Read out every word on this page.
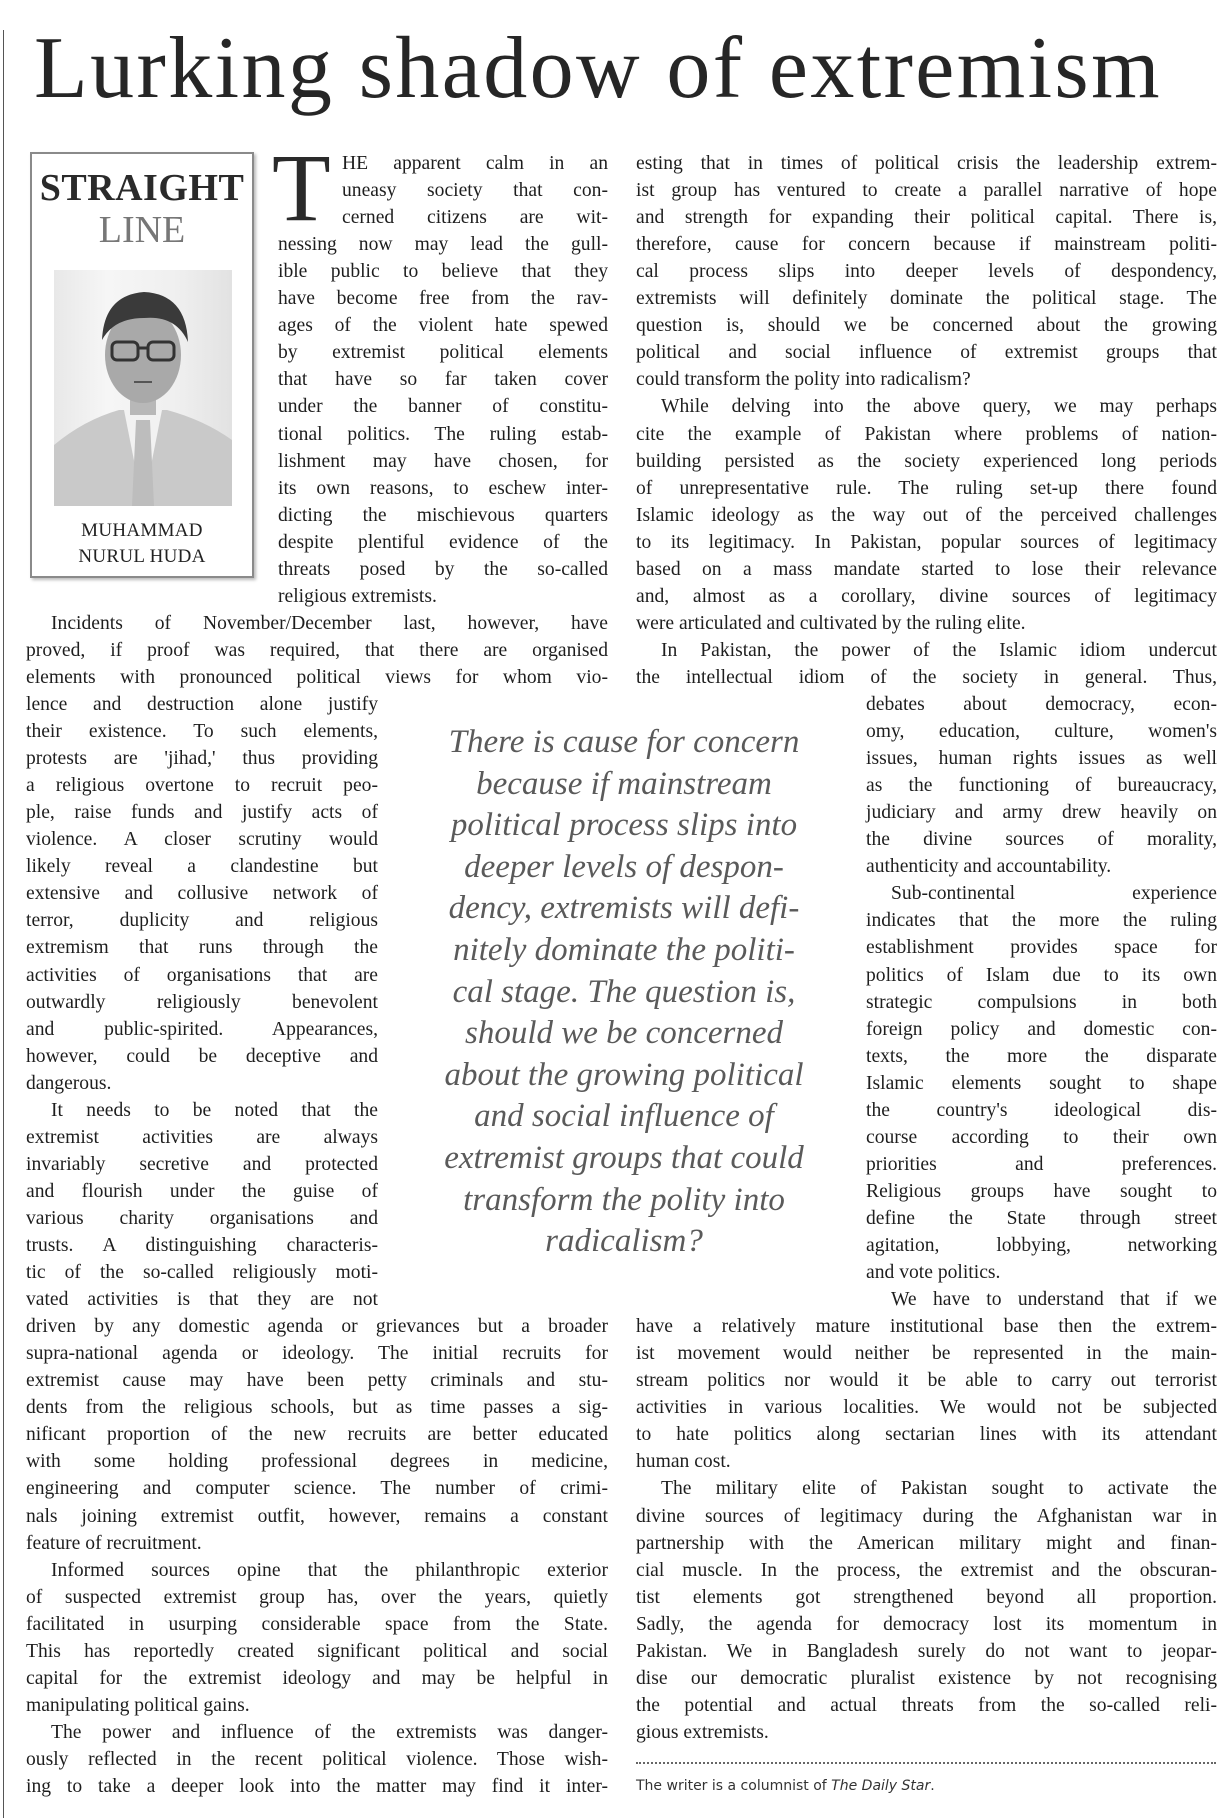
Lurking shadow of extremism
STRAIGHT
LINE
MUHAMMAD
NURUL HUDA
T HE apparent calm in an
uneasy society that con-
cerned citizens are wit-
nessing now may lead the gull-
ible public to believe that they
have become free from the rav-
ages of the violent hate spewed
by extremist political elements
that have so far taken cover
under the banner of constitu-
tional politics. The ruling estab-
lishment may have chosen, for
its own reasons, to eschew inter-
dicting the mischievous quarters
despite plentiful evidence of the
threats posed by the so-called
religious extremists.
Incidents of November/December last, however, have
proved, if proof was required, that there are organised
elements with pronounced political views for whom vio-
lence and destruction alone justify
their existence. To such elements,
protests are 'jihad,' thus providing
a religious overtone to recruit peo-
ple, raise funds and justify acts of
violence. A closer scrutiny would
likely reveal a clandestine but
extensive and collusive network of
terror, duplicity and religious
extremism that runs through the
activities of organisations that are
outwardly religiously benevolent
and public-spirited. Appearances,
however, could be deceptive and
dangerous.
It needs to be noted that the
extremist activities are always
invariably secretive and protected
and flourish under the guise of
various charity organisations and
trusts. A distinguishing characteris-
tic of the so-called religiously moti-
vated activities is that they are not
driven by any domestic agenda or grievances but a broader
supra-national agenda or ideology. The initial recruits for
extremist cause may have been petty criminals and stu-
dents from the religious schools, but as time passes a sig-
nificant proportion of the new recruits are better educated
with some holding professional degrees in medicine,
engineering and computer science. The number of crimi-
nals joining extremist outfit, however, remains a constant
feature of recruitment.
Informed sources opine that the philanthropic exterior
of suspected extremist group has, over the years, quietly
facilitated in usurping considerable space from the State.
This has reportedly created significant political and social
capital for the extremist ideology and may be helpful in
manipulating political gains.
The power and influence of the extremists was danger-
ously reflected in the recent political violence. Those wish-
ing to take a deeper look into the matter may find it inter-
esting that in times of political crisis the leadership extrem-
ist group has ventured to create a parallel narrative of hope
and strength for expanding their political capital. There is,
therefore, cause for concern because if mainstream politi-
cal process slips into deeper levels of despondency,
extremists will definitely dominate the political stage. The
question is, should we be concerned about the growing
political and social influence of extremist groups that
could transform the polity into radicalism?
While delving into the above query, we may perhaps
cite the example of Pakistan where problems of nation-
building persisted as the society experienced long periods
of unrepresentative rule. The ruling set-up there found
Islamic ideology as the way out of the perceived challenges
to its legitimacy. In Pakistan, popular sources of legitimacy
based on a mass mandate started to lose their relevance
and, almost as a corollary, divine sources of legitimacy
were articulated and cultivated by the ruling elite.
In Pakistan, the power of the Islamic idiom undercut
the intellectual idiom of the society in general. Thus,
debates about democracy, econ-
omy, education, culture, women's
issues, human rights issues as well
as the functioning of bureaucracy,
judiciary and army drew heavily on
the divine sources of morality,
authenticity and accountability.
Sub-continental experience
indicates that the more the ruling
establishment provides space for
politics of Islam due to its own
strategic compulsions in both
foreign policy and domestic con-
texts, the more the disparate
Islamic elements sought to shape
the country's ideological dis-
course according to their own
priorities and preferences.
Religious groups have sought to
define the State through street
agitation, lobbying, networking
and vote politics.
We have to understand that if we
have a relatively mature institutional base then the extrem-
ist movement would neither be represented in the main-
stream politics nor would it be able to carry out terrorist
activities in various localities. We would not be subjected
to hate politics along sectarian lines with its attendant
human cost.
The military elite of Pakistan sought to activate the
divine sources of legitimacy during the Afghanistan war in
partnership with the American military might and finan-
cial muscle. In the process, the extremist and the obscuran-
tist elements got strengthened beyond all proportion.
Sadly, the agenda for democracy lost its momentum in
Pakistan. We in Bangladesh surely do not want to jeopar-
dise our democratic pluralist existence by not recognising
the potential and actual threats from the so-called reli-
gious extremists.
There is cause for concern
because if mainstream
political process slips into
deeper levels of despon-
dency, extremists will defi-
nitely dominate the politi-
cal stage. The question is,
should we be concerned
about the growing political
and social influence of
extremist groups that could
transform the polity into
radicalism?
The writer is a columnist of The Daily Star.
